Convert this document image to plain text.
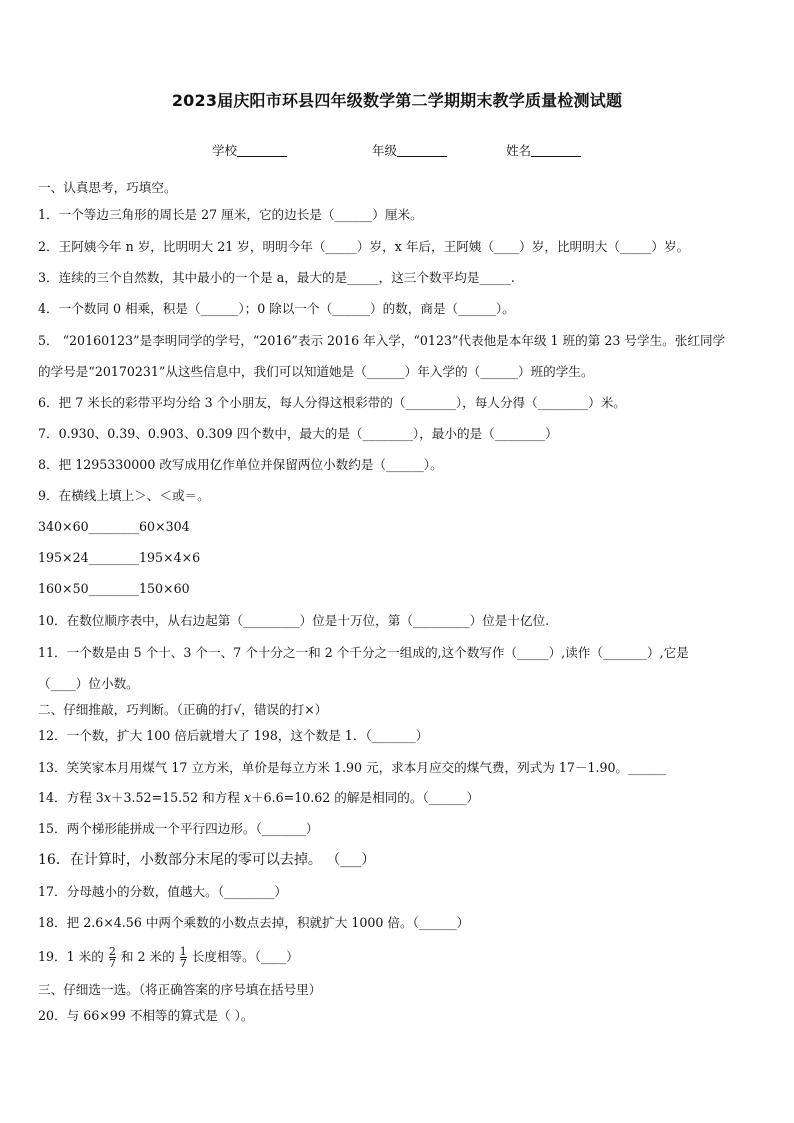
2023届庆阳市环县四年级数学第二学期期末教学质量检测试题
学校	年级	姓名
一、认真思考，巧填空。
1．一个等边三角形的周长是 27 厘米，它的边长是（______）厘米。
2．王阿姨今年 n 岁，比明明大 21 岁，明明今年（_____）岁，x 年后，王阿姨（____）岁，比明明大（_____）岁。
3．连续的三个自然数，其中最小的一个是 a，最大的是_____，这三个数平均是_____.
4．一个数同 0 相乘，积是（______）；0 除以一个（______）的数，商是（______）。
5． “20160123”是李明同学的学号，“2016”表示 2016 年入学，“0123”代表他是本年级 1 班的第 23 号学生。张红同学
的学号是“20170231”从这些信息中，我们可以知道她是（______）年入学的（______）班的学生。
6．把 7 米长的彩带平均分给 3 个小朋友，每人分得这根彩带的（________），每人分得（________）米。
7．0.930、0.39、0.903、0.309 四个数中，最大的是（________），最小的是（________）
8．把 1295330000 改写成用亿作单位并保留两位小数约是（______）。
9．在横线上填上＞、＜或＝。
340×60________60×304
195×24________195×4×6
160×50________150×60
10．在数位顺序表中，从右边起第（_________）位是十万位，第（_________）位是十亿位.
11．一个数是由 5 个十、3 个一、7 个十分之一和 2 个千分之一组成的,这个数写作（_____）,读作（_______）,它是
（____）位小数。
二、仔细推敲，巧判断。（正确的打√，错误的打×）
12．一个数，扩大 100 倍后就增大了 198，这个数是 1．（_______）
13．笑笑家本月用煤气 17 立方米，单价是每立方米 1.90 元，求本月应交的煤气费，列式为 17－1.90。______
14．方程 3𝑥＋3.52=15.52 和方程 𝑥＋6.6=10.62 的解是相同的。（______）
15．两个梯形能拼成一个平行四边形。（_______）
16．在计算时，小数部分末尾的零可以去掉。 （___）
17．分母越小的分数，值越大。（________）
18．把 2.6×4.56 中两个乘数的小数点去掉，积就扩大 1000 倍。（______）
19．1 米的 $\frac{2}{7}$ 和 2 米的 $\frac{1}{7}$ 长度相等。（____）
三、仔细选一选。（将正确答案的序号填在括号里）
20．与 66×99 不相等的算式是（ ）。
